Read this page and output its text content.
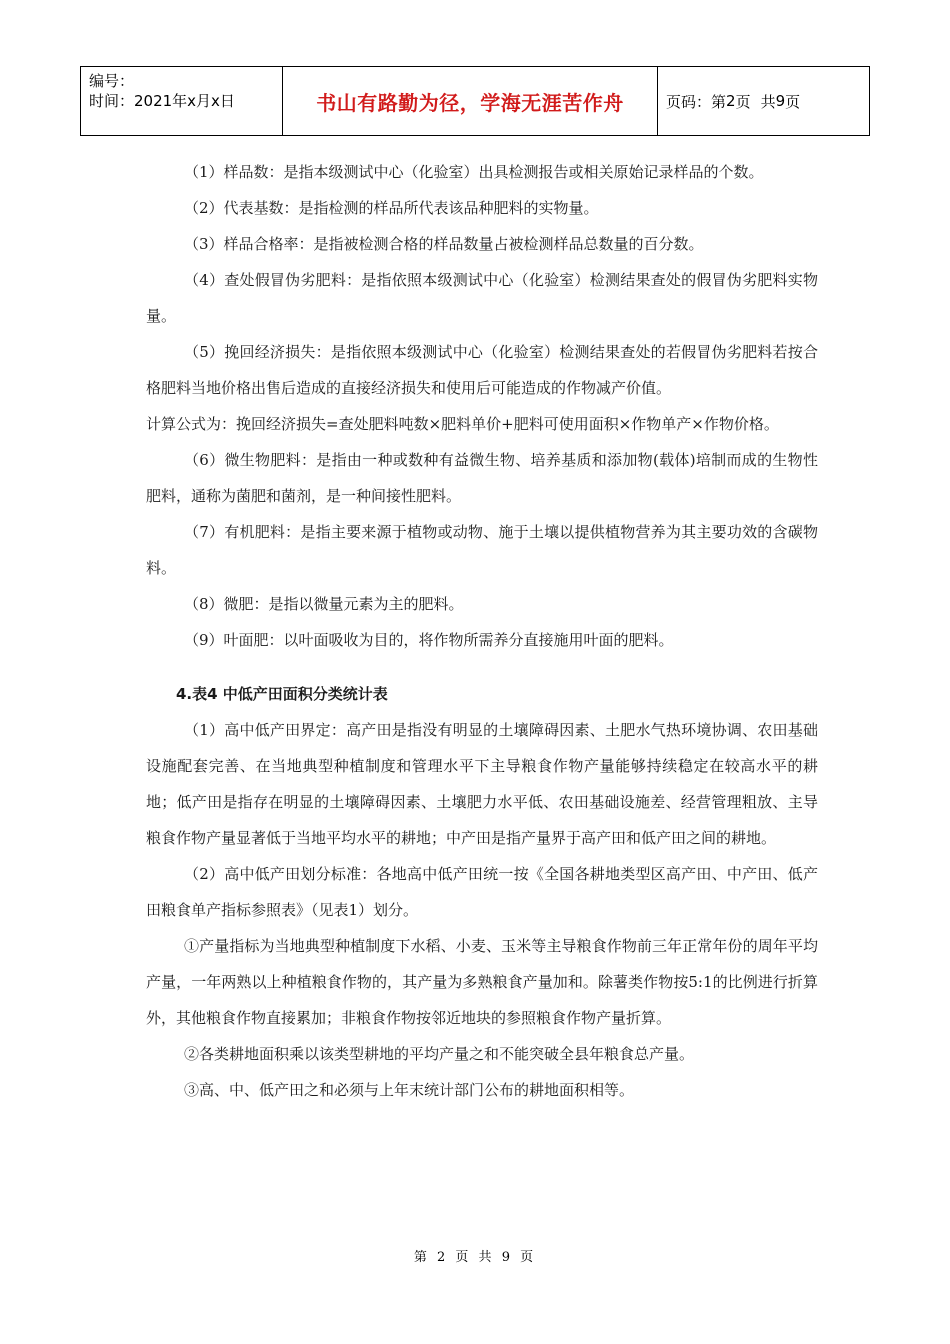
编号：
时间：2021年x月x日	书山有路勤为径，学海无涯苦作舟	页码：第 2 页 共 9 页

（1）样品数：是指本级测试中心（化验室）出具检测报告或相关原始记录样品的个数。

（2）代表基数：是指检测的样品所代表该品种肥料的实物量。

（3）样品合格率：是指被检测合格的样品数量占被检测样品总数量的百分数。

（4）查处假冒伪劣肥料：是指依照本级测试中心（化验室）检测结果查处的假冒伪劣肥料实物量。

（5）挽回经济损失：是指依照本级测试中心（化验室）检测结果查处的若假冒伪劣肥料若按合格肥料当地价格出售后造成的直接经济损失和使用后可能造成的作物减产价值。

计算公式为：挽回经济损失=查处肥料吨数×肥料单价+肥料可使用面积×作物单产×作物价格。

（6）微生物肥料：是指由一种或数种有益微生物、培养基质和添加物(载体)培制而成的生物性肥料，通称为菌肥和菌剂，是一种间接性肥料。

（7）有机肥料：是指主要来源于植物或动物、施于土壤以提供植物营养为其主要功效的含碳物料。

（8）微肥：是指以微量元素为主的肥料。

（9）叶面肥：以叶面吸收为目的，将作物所需养分直接施用叶面的肥料。

4.表4 中低产田面积分类统计表

（1）高中低产田界定：高产田是指没有明显的土壤障碍因素、土肥水气热环境协调、农田基础设施配套完善、在当地典型种植制度和管理水平下主导粮食作物产量能够持续稳定在较高水平的耕地；低产田是指存在明显的土壤障碍因素、土壤肥力水平低、农田基础设施差、经营管理粗放、主导粮食作物产量显著低于当地平均水平的耕地；中产田是指产量界于高产田和低产田之间的耕地。

（2）高中低产田划分标准：各地高中低产田统一按《全国各耕地类型区高产田、中产田、低产田粮食单产指标参照表》（见表1）划分。

①产量指标为当地典型种植制度下水稻、小麦、玉米等主导粮食作物前三年正常年份的周年平均产量，一年两熟以上种植粮食作物的，其产量为多熟粮食产量加和。除薯类作物按5:1的比例进行折算外，其他粮食作物直接累加；非粮食作物按邻近地块的参照粮食作物产量折算。

②各类耕地面积乘以该类型耕地的平均产量之和不能突破全县年粮食总产量。

③高、中、低产田之和必须与上年末统计部门公布的耕地面积相等。

第 2 页 共 9 页
